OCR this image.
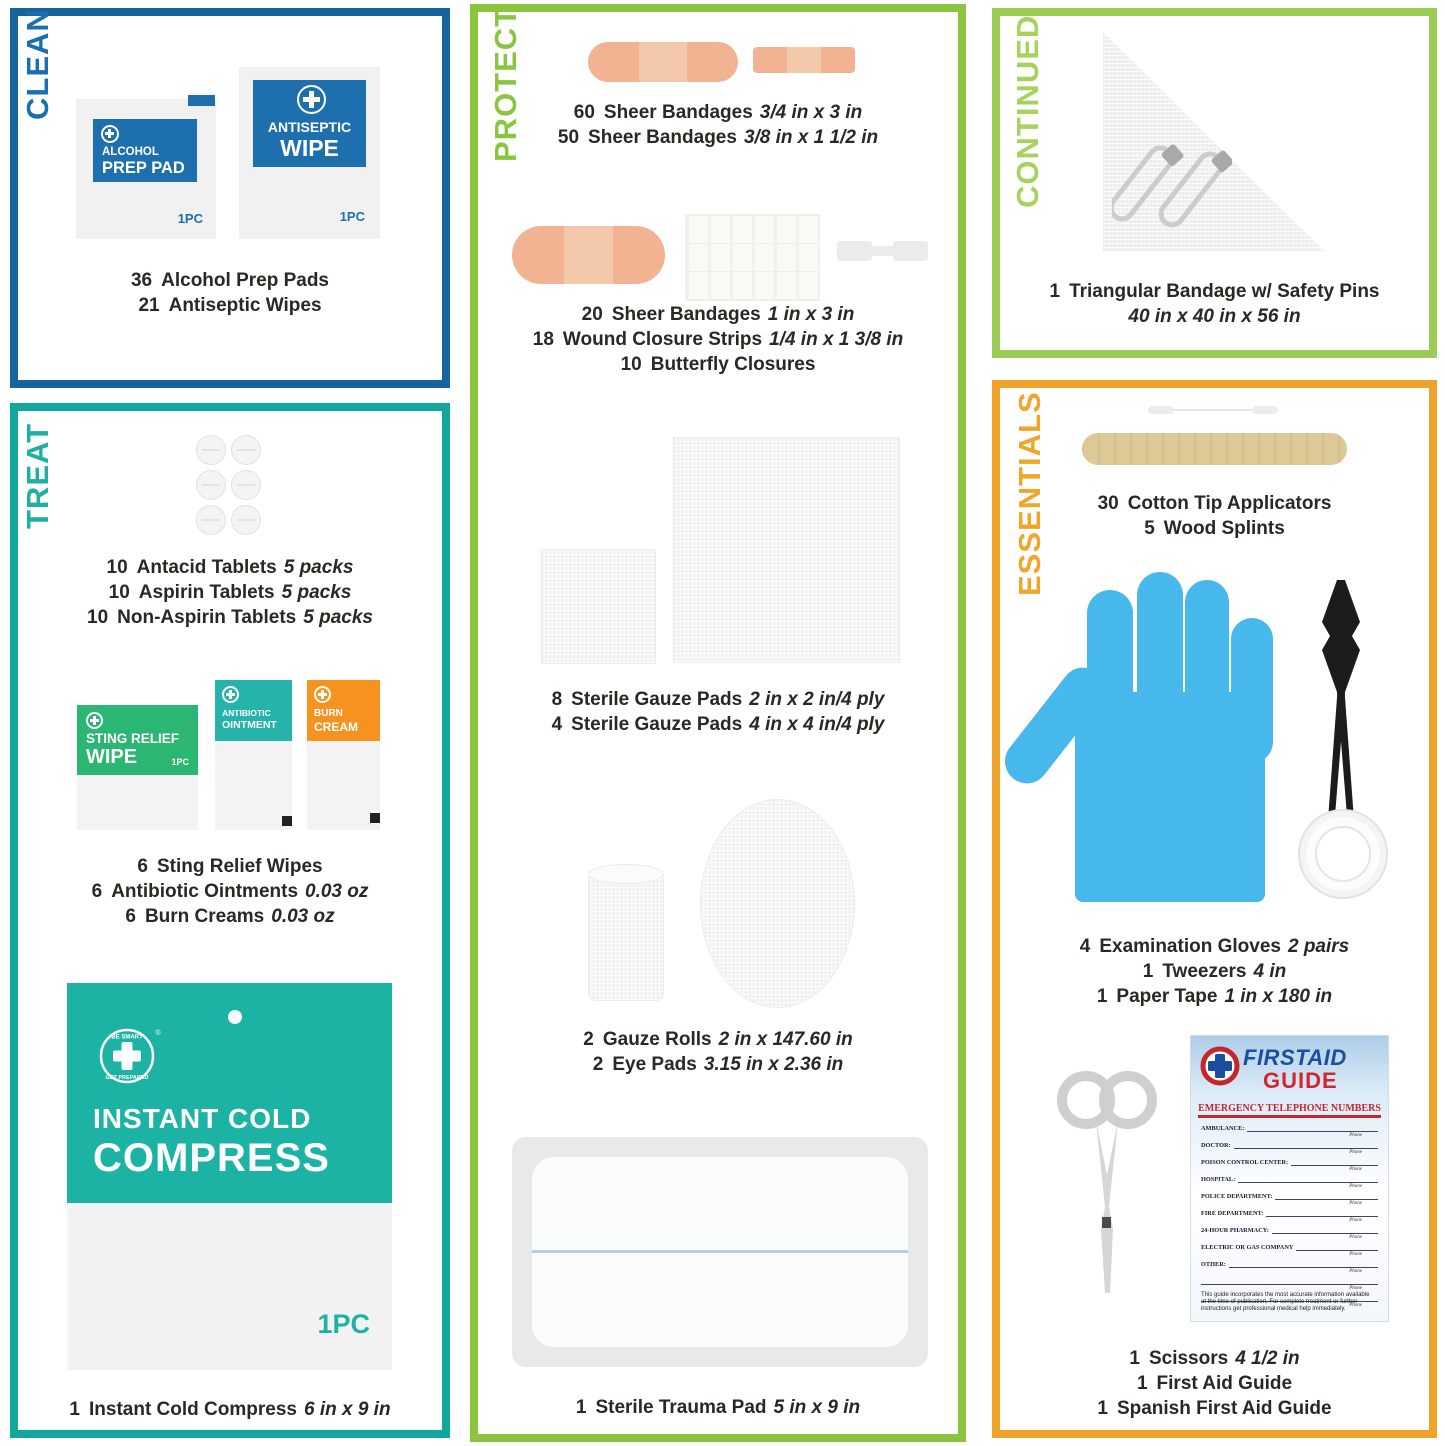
CLEAN
ALCOHOL
PREP PAD
1PC
ANTISEPTIC
WIPE
1PC
36 Alcohol Prep Pads
21 Antiseptic Wipes
TREAT
10 Antacid Tablets 5 packs
10 Aspirin Tablets 5 packs
10 Non-Aspirin Tablets 5 packs
STING RELIEF
WIPE	1PC
ANTIBIOTIC
OINTMENT
BURN
CREAM
6 Sting Relief Wipes
6 Antibiotic Ointments 0.03 oz
6 Burn Creams 0.03 oz
BE SMART
GET PREPARED
®
INSTANT COLD
COMPRESS
1PC
1 Instant Cold Compress 6 in x 9 in
PROTECT	60 Sheer Bandages 3/4 in x 3 in
50 Sheer Bandages 3/8 in x 1 1/2 in
20 Sheer Bandages 1 in x 3 in
18 Wound Closure Strips 1/4 in x 1 3/8 in
10 Butterfly Closures
8 Sterile Gauze Pads 2 in x 2 in/4 ply
4 Sterile Gauze Pads 4 in x 4 in/4 ply
2 Gauze Rolls 2 in x 147.60 in
2 Eye Pads 3.15 in x 2.36 in
1 Sterile Trauma Pad 5 in x 9 in
CONTINUED
1 Triangular Bandage w/ Safety Pins
40 in x 40 in x 56 in
ESSENTIALS	30 Cotton Tip Applicators
5 Wood Splints
4 Examination Gloves 2 pairs
1 Tweezers 4 in
1 Paper Tape 1 in x 180 in
FIRSTAID
GUIDE
EMERGENCY TELEPHONE NUMBERS
AMBULANCE:
Phone
DOCTOR:
Phone
POISON CONTROL CENTER:
Phone
HOSPITAL:
Phone
POLICE DEPARTMENT:
Phone
FIRE DEPARTMENT:
Phone
24-HOUR PHARMACY:
Phone
ELECTRIC OR GAS COMPANY
Phone
OTHER:
Phone
Phone
Phone
This guide incorporates the most accurate information available at the time of publication. For complete treatment or further instructions get professional medical help immediately.
1 Scissors 4 1/2 in
1 First Aid Guide
1 Spanish First Aid Guide
